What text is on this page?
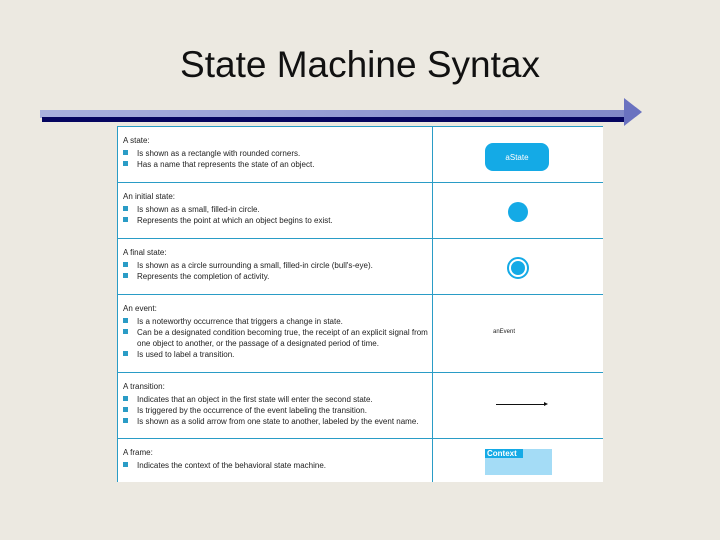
State Machine Syntax
A state:
Is shown as a rectangle with rounded corners.
Has a name that represents the state of an object.
aState
An initial state:
Is shown as a small, filled-in circle.
Represents the point at which an object begins to exist.
A final state:
Is shown as a circle surrounding a small, filled-in circle (bull's-eye).
Represents the completion of activity.
An event:
Is a noteworthy occurrence that triggers a change in state.
Can be a designated condition becoming true, the receipt of an explicit signal from one object to another, or the passage of a designated period of time.
Is used to label a transition.
anEvent
A transition:
Indicates that an object in the first state will enter the second state.
Is triggered by the occurrence of the event labeling the transition.
Is shown as a solid arrow from one state to another, labeled by the event name.
A frame:
Indicates the context of the behavioral state machine.
Context
